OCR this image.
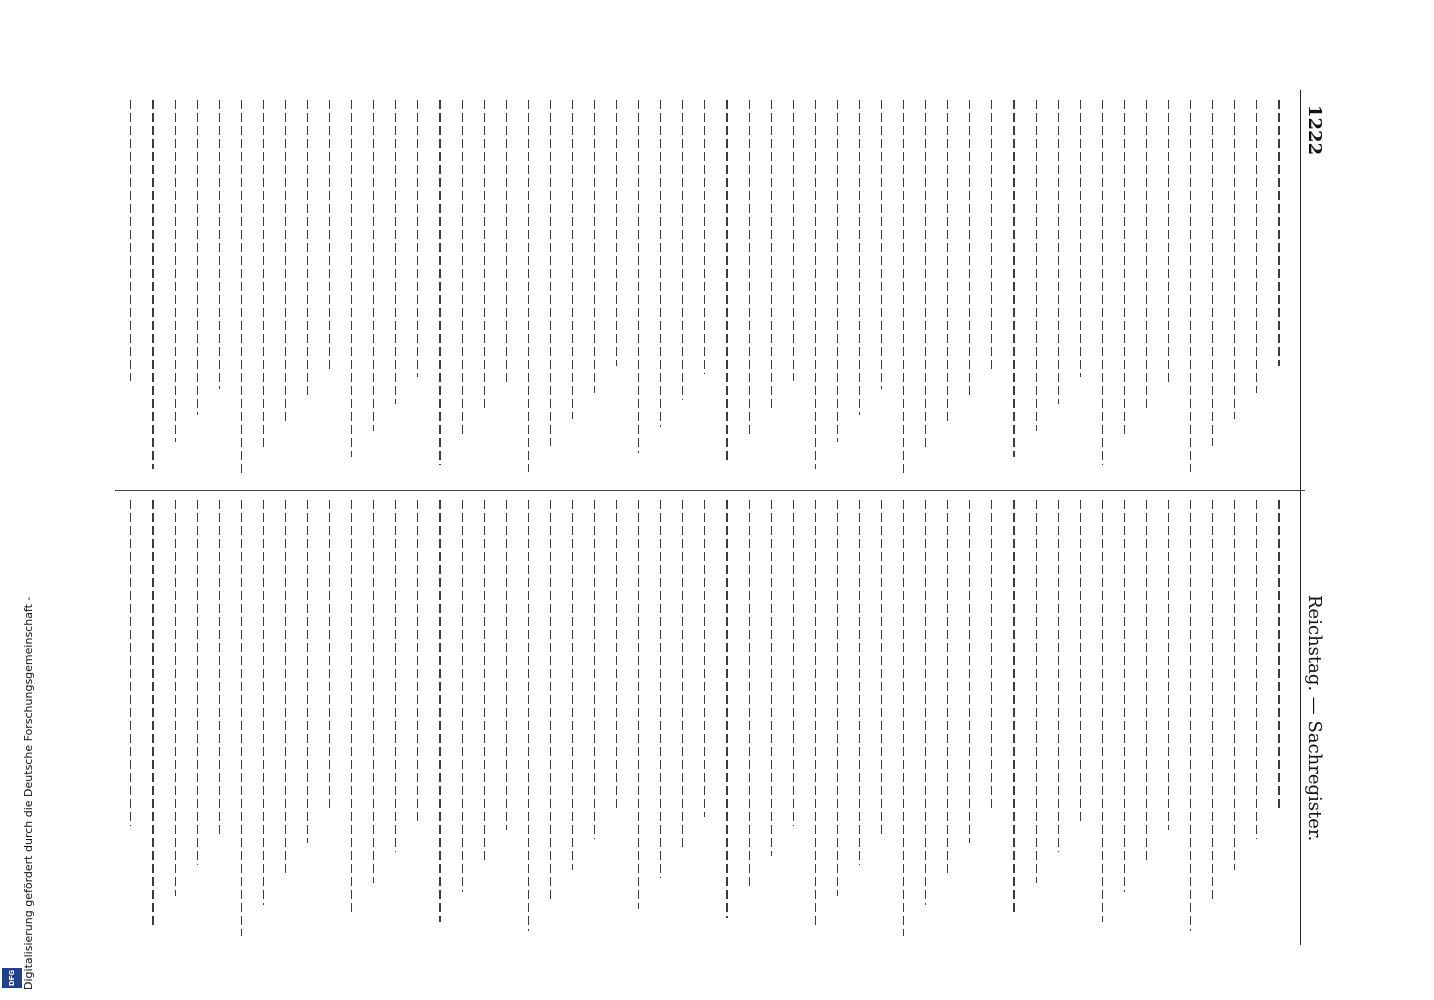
1222
Reichstag. — Sachregister.
DFG Digitalisierung gefördert durch die Deutsche Forschungsgemeinschaft -
